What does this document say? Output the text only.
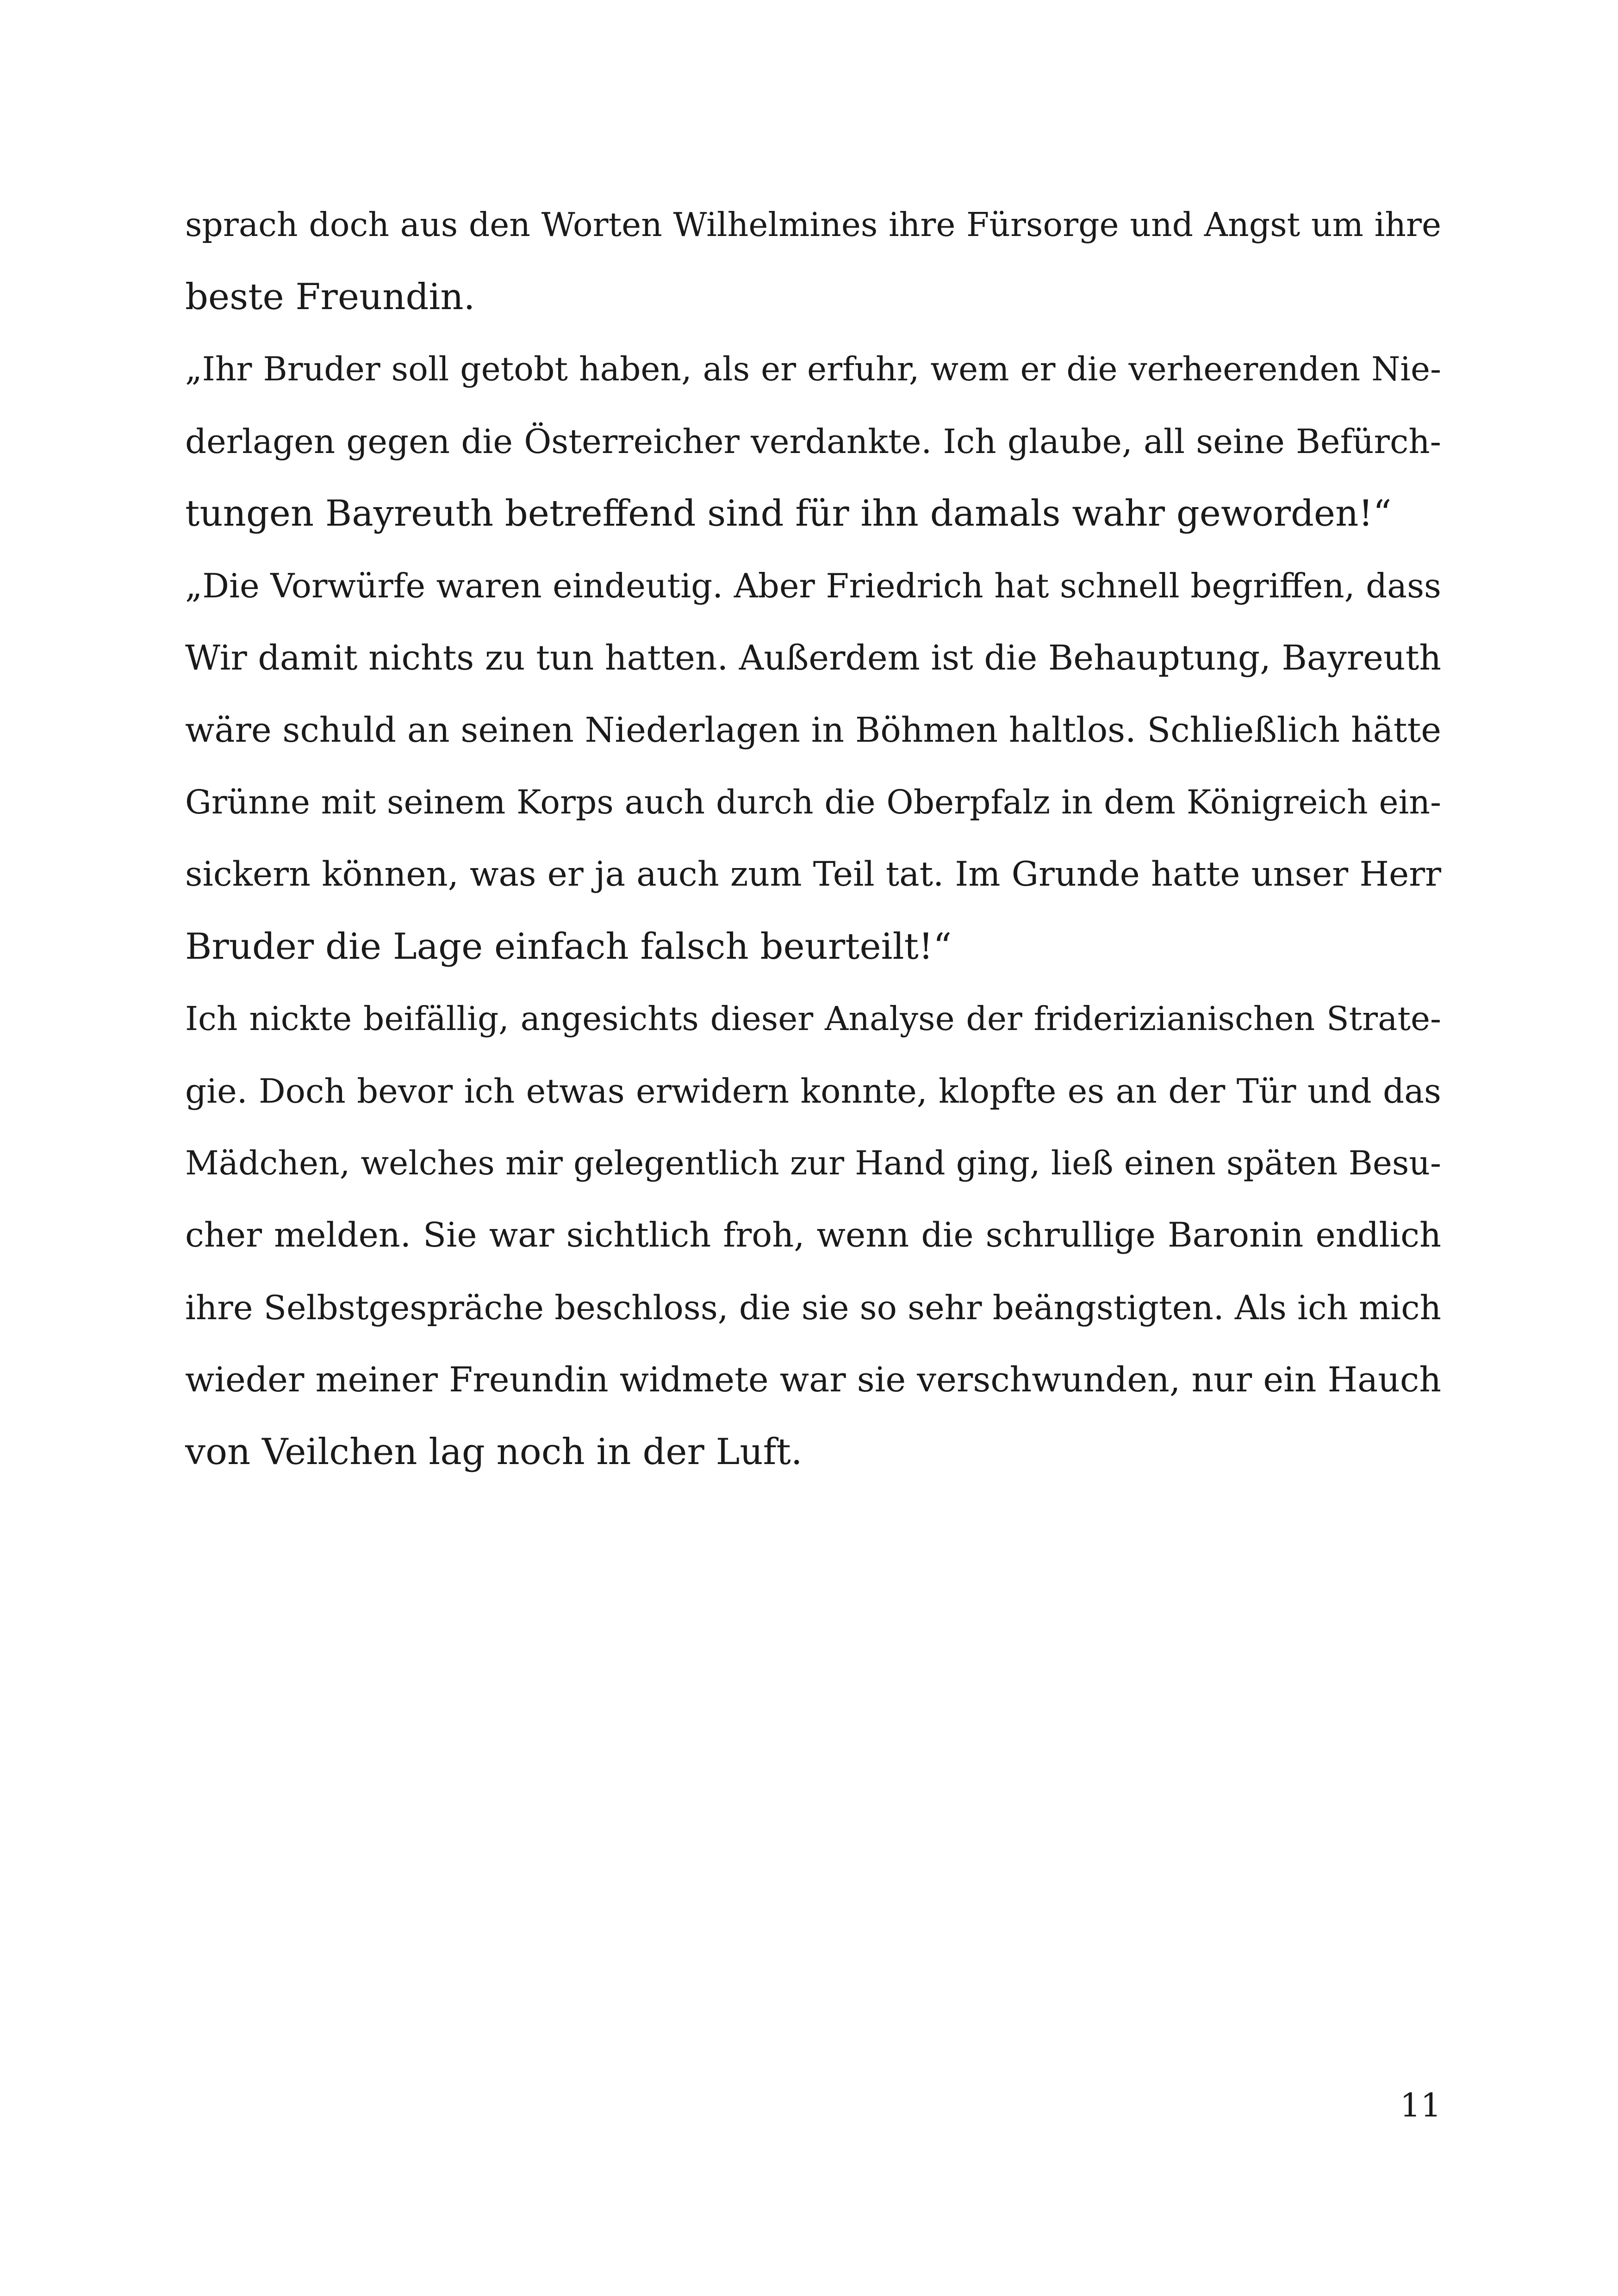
sprach doch aus den Worten Wilhelmines ihre Fürsorge und Angst um ihre
beste Freundin.
„Ihr Bruder soll getobt haben, als er erfuhr, wem er die verheerenden Nie-
derlagen gegen die Österreicher verdankte. Ich glaube, all seine Befürch-
tungen Bayreuth betreffend sind für ihn damals wahr geworden!“
„Die Vorwürfe waren eindeutig. Aber Friedrich hat schnell begriffen, dass
Wir damit nichts zu tun hatten. Außerdem ist die Behauptung, Bayreuth
wäre schuld an seinen Niederlagen in Böhmen haltlos. Schließlich hätte
Grünne mit seinem Korps auch durch die Oberpfalz in dem Königreich ein-
sickern können, was er ja auch zum Teil tat. Im Grunde hatte unser Herr
Bruder die Lage einfach falsch beurteilt!“
Ich nickte beifällig, angesichts dieser Analyse der friderizianischen Strate-
gie. Doch bevor ich etwas erwidern konnte, klopfte es an der Tür und das
Mädchen, welches mir gelegentlich zur Hand ging, ließ einen späten Besu-
cher melden. Sie war sichtlich froh, wenn die schrullige Baronin endlich
ihre Selbstgespräche beschloss, die sie so sehr beängstigten. Als ich mich
wieder meiner Freundin widmete war sie verschwunden, nur ein Hauch
von Veilchen lag noch in der Luft.
11
